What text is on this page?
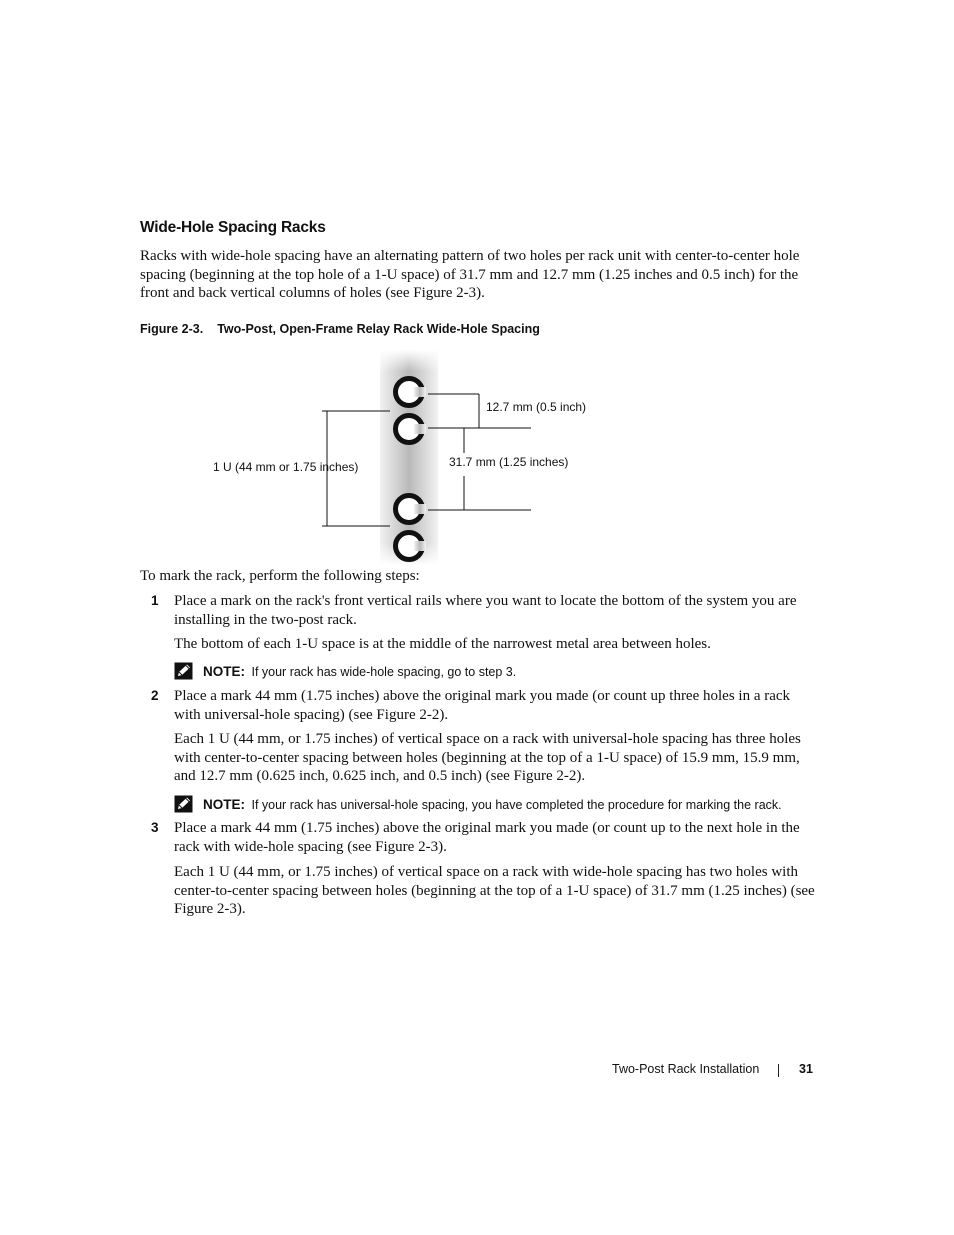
Wide-Hole Spacing Racks
Racks with wide-hole spacing have an alternating pattern of two holes per rack unit with center-to-center hole spacing (beginning at the top hole of a 1-U space) of 31.7 mm and 12.7 mm (1.25 inches and 0.5 inch) for the front and back vertical columns of holes (see Figure 2-3).
Figure 2-3. Two-Post, Open-Frame Relay Rack Wide-Hole Spacing
1 U (44 mm or 1.75 inches)
12.7 mm (0.5 inch)
31.7 mm (1.25 inches)
To mark the rack, perform the following steps:
1 Place a mark on the rack's front vertical rails where you want to locate the bottom of the system you are installing in the two-post rack.
The bottom of each 1-U space is at the middle of the narrowest metal area between holes.
NOTE: If your rack has wide-hole spacing, go to step 3.
2 Place a mark 44 mm (1.75 inches) above the original mark you made (or count up three holes in a rack with universal-hole spacing) (see Figure 2-2).
Each 1 U (44 mm, or 1.75 inches) of vertical space on a rack with universal-hole spacing has three holes with center-to-center spacing between holes (beginning at the top of a 1-U space) of 15.9 mm, 15.9 mm, and 12.7 mm (0.625 inch, 0.625 inch, and 0.5 inch) (see Figure 2-2).
NOTE: If your rack has universal-hole spacing, you have completed the procedure for marking the rack.
3 Place a mark 44 mm (1.75 inches) above the original mark you made (or count up to the next hole in the rack with wide-hole spacing (see Figure 2-3).
Each 1 U (44 mm, or 1.75 inches) of vertical space on a rack with wide-hole spacing has two holes with center-to-center spacing between holes (beginning at the top of a 1-U space) of 31.7 mm (1.25 inches) (see Figure 2-3).
Two-Post Rack Installation	31
